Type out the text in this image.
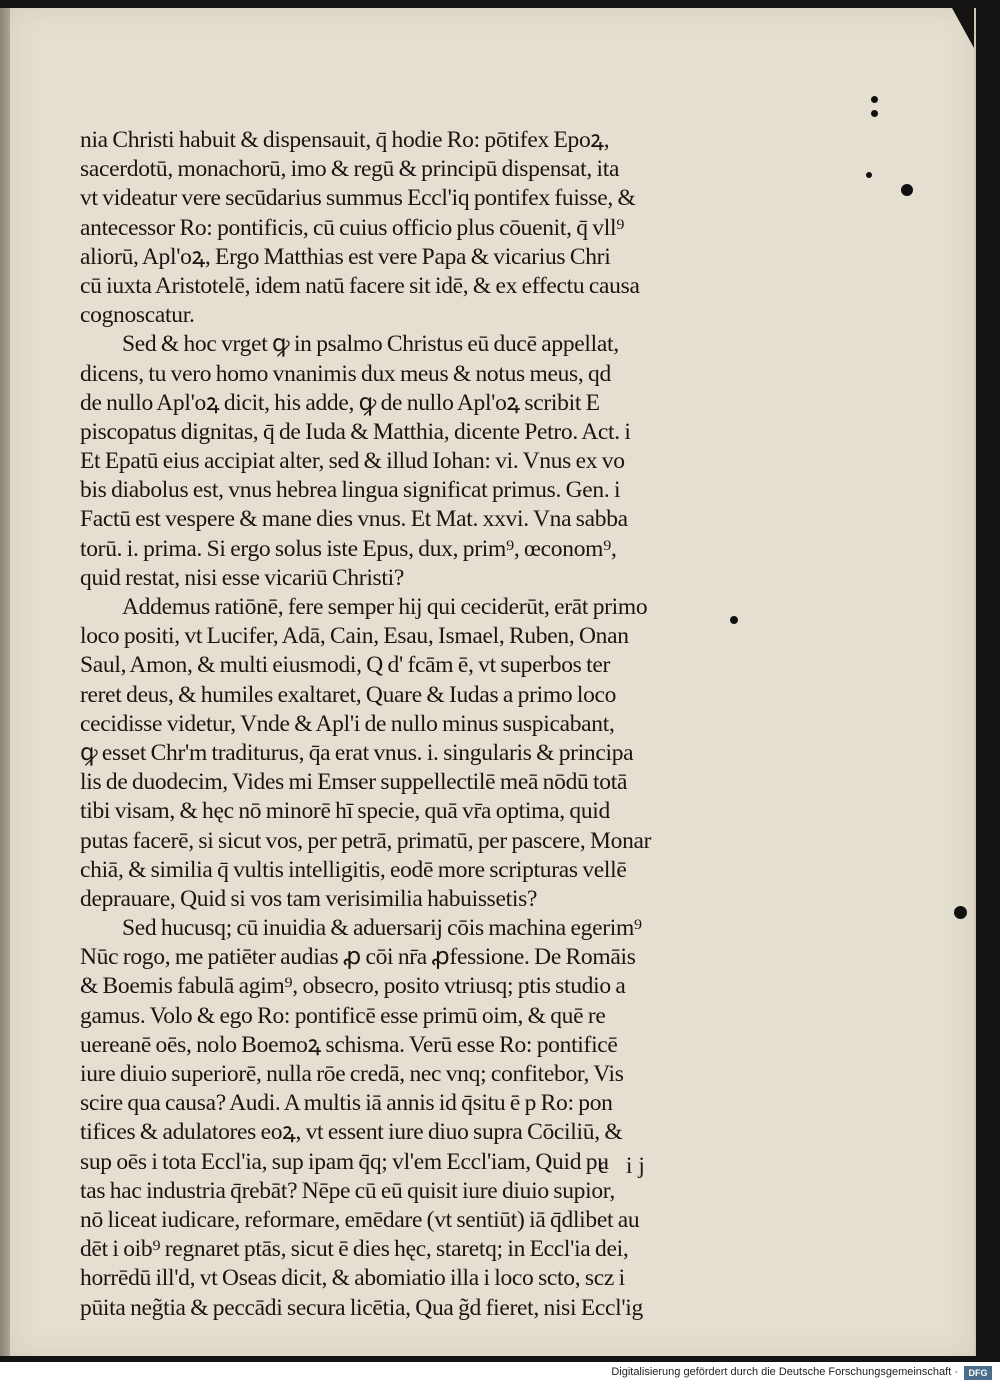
nia Christi habuit & dispensauit, q̄ hodie Ro: pōtifex Epoꝝ,
sacerdotū, monachorū, imo & regū & principū dispensat, ita
vt videatur vere secūdarius summus Eccl'iq pontifex fuisse, &
antecessor Ro: pontificis, cū cuius officio plus cōuenit, q̄ vll⁹
aliorū, Apl'oꝝ, Ergo Matthias est vere Papa & vicarius Chri
cū iuxta Aristotelē, idem natū facere sit idē, & ex effectu causa
cognoscatur.
Sed & hoc vrget ꝙ in psalmo Christus eū ducē appellat,
dicens, tu vero homo vnanimis dux meus & notus meus, qd
de nullo Apl'oꝝ dicit, his adde, ꝙ de nullo Apl'oꝝ scribit E
piscopatus dignitas, q̄ de Iuda & Matthia, dicente Petro. Act. i
Et Epatū eius accipiat alter, sed & illud Iohan: vi. Vnus ex vo
bis diabolus est, vnus hebrea lingua significat primus. Gen. i
Factū est vespere & mane dies vnus. Et Mat. xxvi. Vna sabba
torū. i. prima. Si ergo solus iste Epus, dux, prim⁹, œconom⁹,
quid restat, nisi esse vicariū Christi?
Addemus ratiōnē, fere semper hij qui ceciderūt, erāt primo
loco positi, vt Lucifer, Adā, Cain, Esau, Ismael, Ruben, Onan
Saul, Amon, & multi eiusmodi, Q d' fcām ē, vt superbos ter
reret deus, & humiles exaltaret, Quare & Iudas a primo loco
cecidisse videtur, Vnde & Apl'i de nullo minus suspicabant,
ꝙ esset Chr'm traditurus, q̄a erat vnus. i. singularis & principa
lis de duodecim, Vides mi Emser suppellectilē meā nōdū totā
tibi visam, & hęc nō minorē hī specie, quā vr̄a optima, quid
putas facerē, si sicut vos, per petrā, primatū, per pascere, Monar
chiā, & similia q̄ vultis intelligitis, eodē more scripturas vellē
deprauare, Quid si vos tam verisimilia habuissetis?
Sed hucusq; cū inuidia & aduersarij cōis machina egerim⁹
Nūc rogo, me patiēter audias ꝓ cōi nr̄a ꝓfessione. De Romāis
& Boemis fabulā agim⁹, obsecro, posito vtriusq; ptis studio a
gamus. Volo & ego Ro: pontificē esse primū oim, & quē re
uereanē oēs, nolo Boemoꝝ schisma. Verū esse Ro: pontificē
iure diuio superiorē, nulla rōe credā, nec vnq; confitebor, Vis
scire qua causa? Audi. A multis iā annis id q̄situ ē p Ro: pon
tifices & adulatores eoꝝ, vt essent iure diuo supra Cōciliū, &
sup oēs i tota Eccl'ia, sup ipam q̄q; vl'em Eccl'iam, Quid pu
tas hac industria q̄rebāt? Nēpe cū eū quisit iure diuio supior,
nō liceat iudicare, reformare, emēdare (vt sentiūt) iā q̄dlibet au
dēt i oib⁹ regnaret ptās, sicut ē dies hęc, staretq; in Eccl'ia dei,
horrēdū ill'd, vt Oseas dicit, & abomiatio illa i loco scto, scz i
pūita neg̃tia & peccādi secura licētia, Qua g̃d fieret, nisi Eccl'ig
c ij
Digitalisierung gefördert durch die Deutsche Forschungsgemeinschaft ·	DFG
